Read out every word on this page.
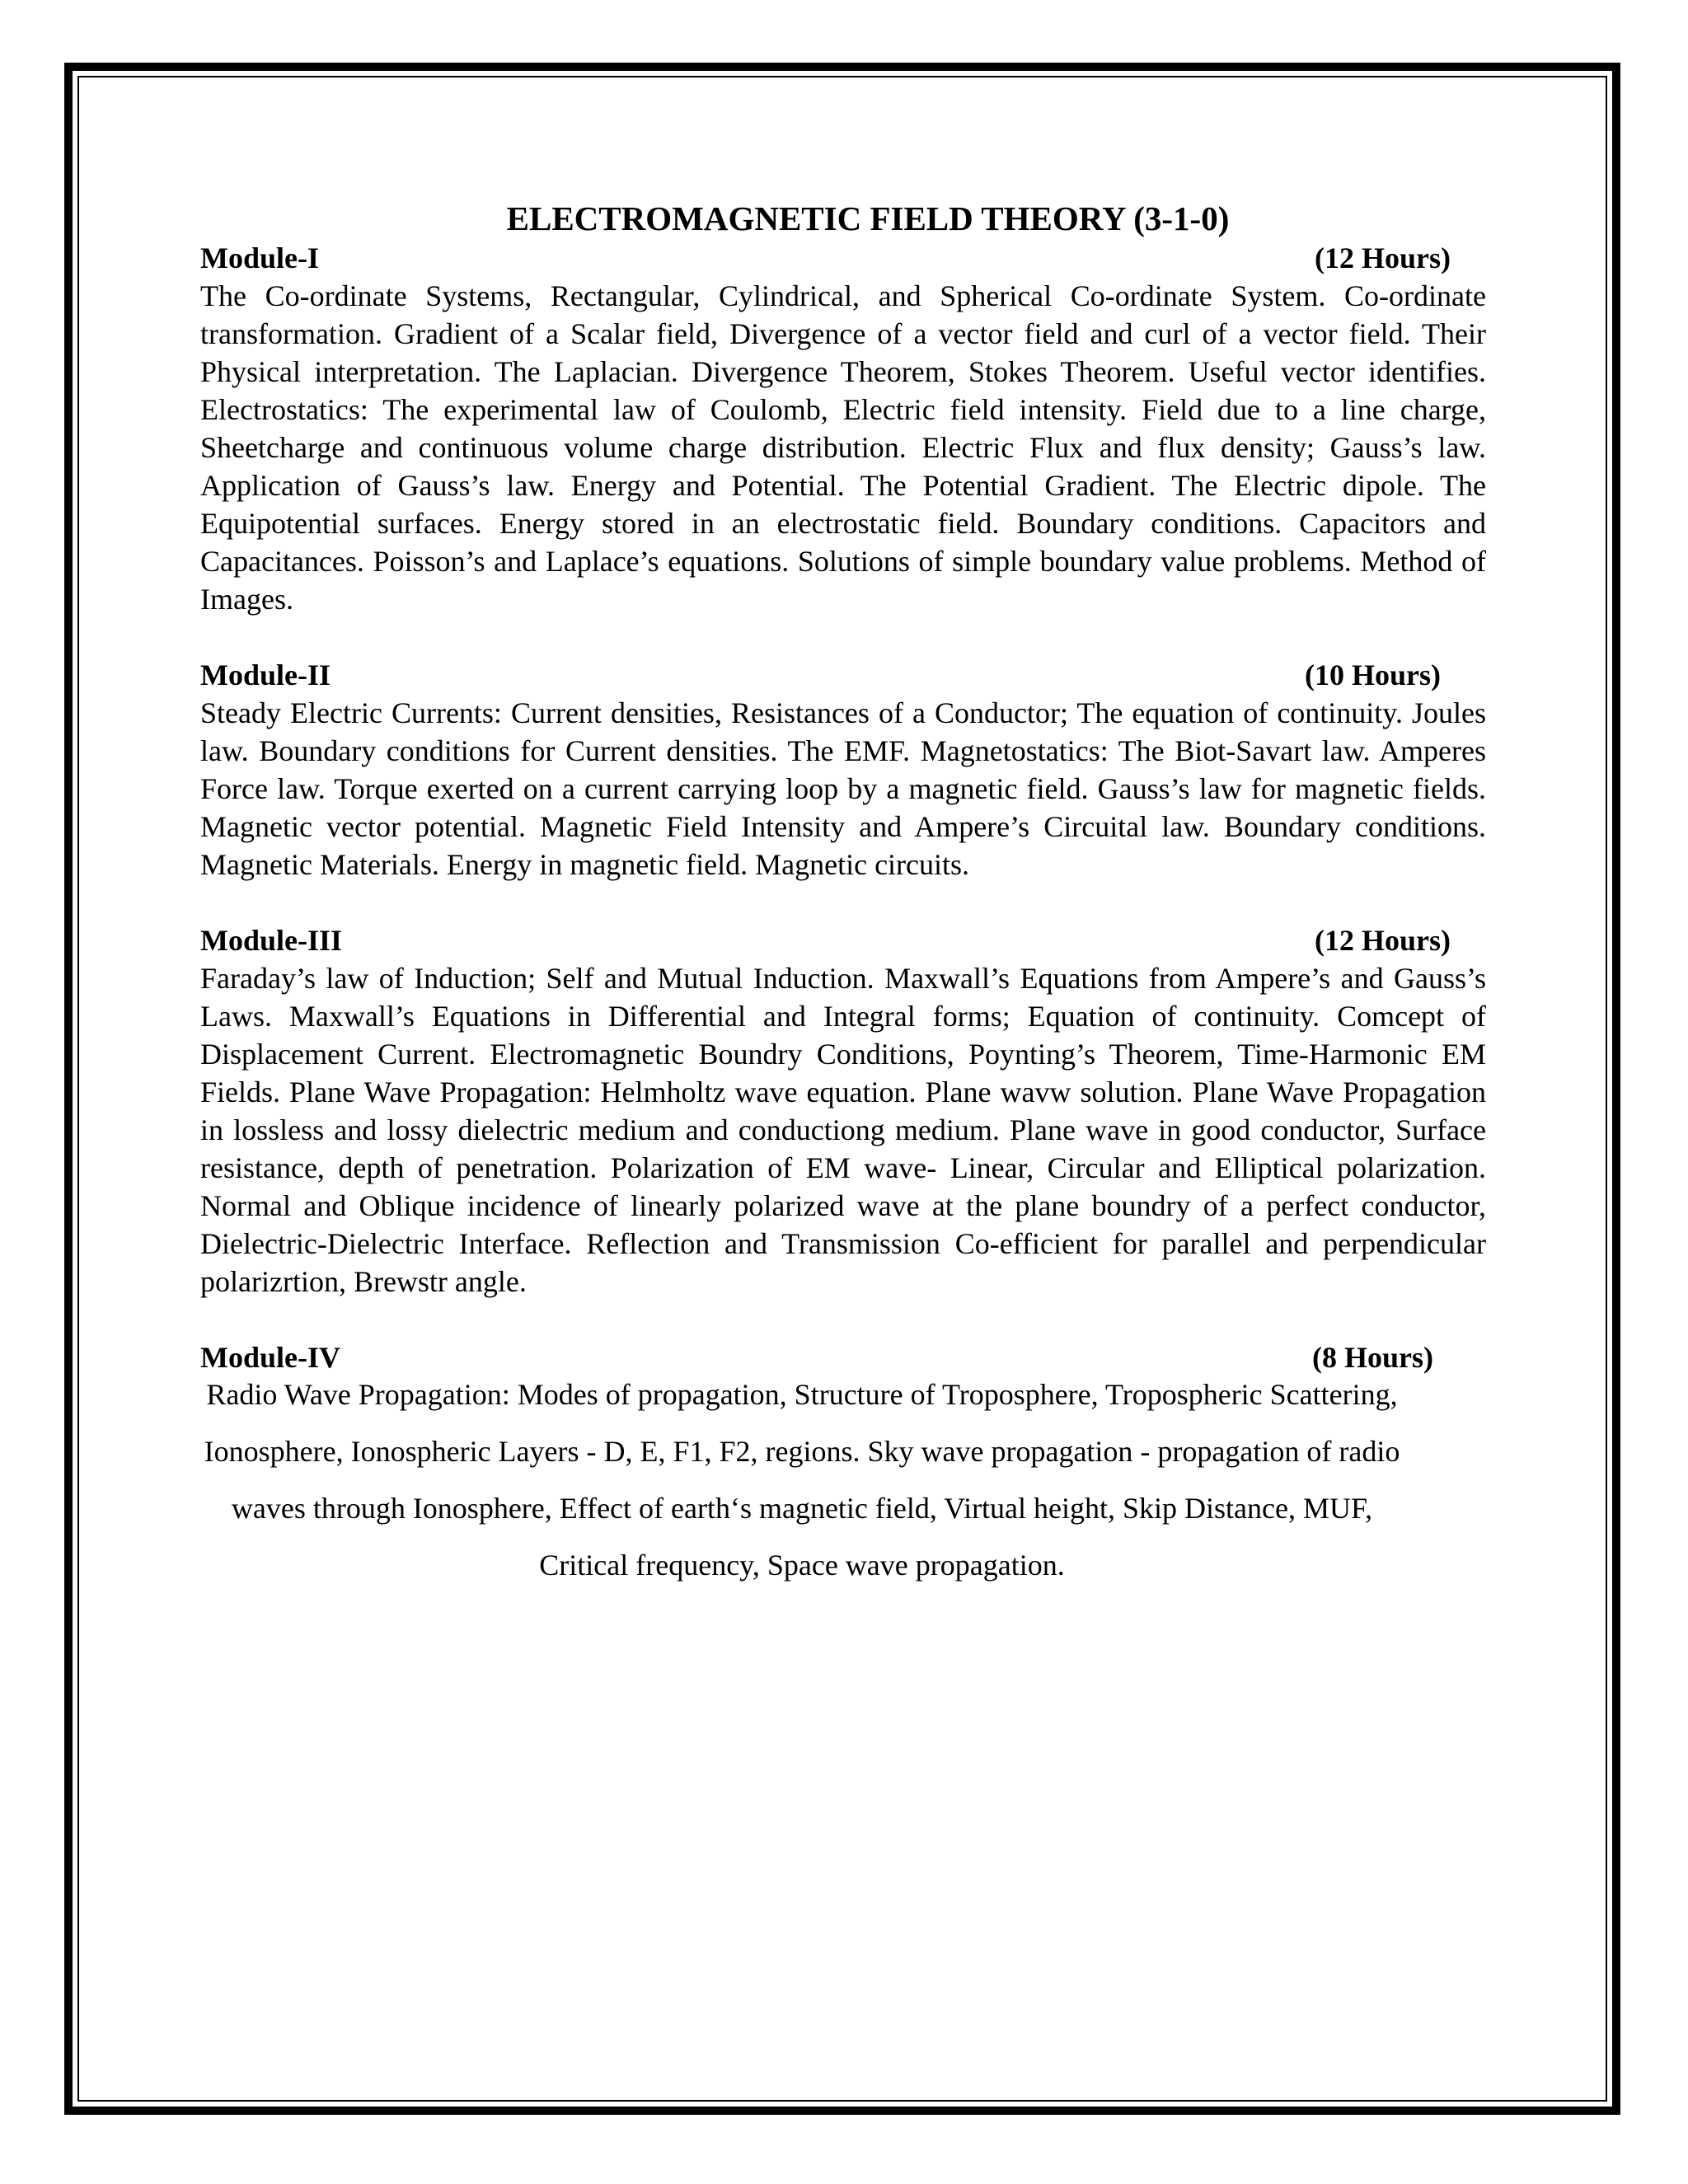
ELECTROMAGNETIC FIELD THEORY (3-1-0)
Module-I	(12 Hours)

The Co-ordinate Systems, Rectangular, Cylindrical, and Spherical Co-ordinate System. Co-ordinate transformation. Gradient of a Scalar field, Divergence of a vector field and curl of a vector field. Their Physical interpretation. The Laplacian. Divergence Theorem, Stokes Theorem. Useful vector identifies. Electrostatics: The experimental law of Coulomb, Electric field intensity. Field due to a line charge, Sheetcharge and continuous volume charge distribution. Electric Flux and flux density; Gauss’s law. Application of Gauss’s law. Energy and Potential. The Potential Gradient. The Electric dipole. The Equipotential surfaces. Energy stored in an electrostatic field. Boundary conditions. Capacitors and Capacitances. Poisson’s and Laplace’s equations. Solutions of simple boundary value problems. Method of Images.

Module-II	(10 Hours)

Steady Electric Currents: Current densities, Resistances of a Conductor; The equation of continuity. Joules law. Boundary conditions for Current densities. The EMF. Magnetostatics: The Biot-Savart law. Amperes Force law. Torque exerted on a current carrying loop by a magnetic field. Gauss’s law for magnetic fields. Magnetic vector potential. Magnetic Field Intensity and Ampere’s Circuital law. Boundary conditions. Magnetic Materials. Energy in magnetic field. Magnetic circuits.

Module-III	(12 Hours)

Faraday’s law of Induction; Self and Mutual Induction. Maxwall’s Equations from Ampere’s and Gauss’s Laws. Maxwall’s Equations in Differential and Integral forms; Equation of continuity. Comcept of Displacement Current. Electromagnetic Boundry Conditions, Poynting’s Theorem, Time-Harmonic EM Fields. Plane Wave Propagation: Helmholtz wave equation. Plane wavw solution. Plane Wave Propagation in lossless and lossy dielectric medium and conductiong medium. Plane wave in good conductor, Surface resistance, depth of penetration. Polarization of EM wave- Linear, Circular and Elliptical polarization. Normal and Oblique incidence of linearly polarized wave at the plane boundry of a perfect conductor, Dielectric-Dielectric Interface. Reflection and Transmission Co-efficient for parallel and perpendicular polarizrtion, Brewstr angle.

Module-IV	(8 Hours)

Radio Wave Propagation: Modes of propagation, Structure of Troposphere, Tropospheric Scattering, Ionosphere, Ionospheric Layers - D, E, F1, F2, regions. Sky wave propagation - propagation of radio waves through Ionosphere, Effect of earth‘s magnetic field, Virtual height, Skip Distance, MUF, Critical frequency, Space wave propagation.
